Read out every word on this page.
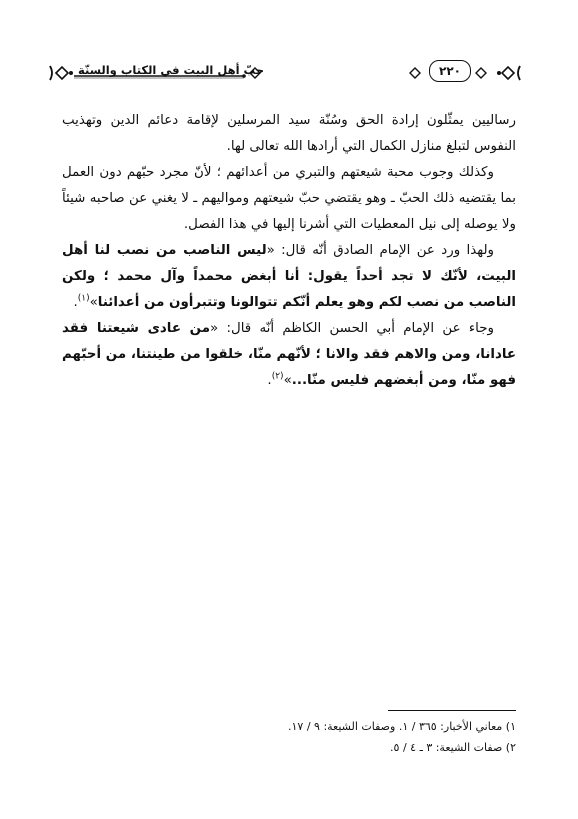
٢٢٠
حبّ أهل البيت في الكتاب والسنّة

رساليين يمثّلون إرادة الحق وسُنّة سيد المرسلين لإقامة دعائم الدين وتهذيب النفوس لتبلغ منازل الكمال التي أرادها الله تعالى لها.

وكذلك وجوب محبة شيعتهم والتبري من أعدائهم ؛ لأنّ مجرد حبّهم دون العمل بما يقتضيه ذلك الحبّ ـ وهو يقتضي حبّ شيعتهم ومواليهم ـ لا يغني عن صاحبه شيئاً ولا يوصله إلى نيل المعطيات التي أشرنا إليها في هذا الفصل.

ولهذا ورد عن الإمام الصادق أنّه قال: «ليس الناصب من نصب لنا أهل البيت، لأنّك لا تجد أحداً يقول: أنا أبغض محمداً وآل محمد ؛ ولكن الناصب من نصب لكم وهو يعلم أنّكم تتوالونا وتتبرأون من أعدائنا»$^{(١)}$.

وجاء عن الإمام أبي الحسن الكاظم أنّه قال: «من عادى شيعتنا فقد عادانا، ومن والاهم فقد والانا ؛ لأنّهم منّا، خلقوا من طينتنا، من أحبّهم فهو منّا، ومن أبغضهم فليس منّا...»$^{(٢)}$.

١) معاني الأخبار: ٣٦٥ / ١. وصفات الشيعة: ٩ / ١٧.
٢) صفات الشيعة: ٣ ـ ٤ / ٥.
